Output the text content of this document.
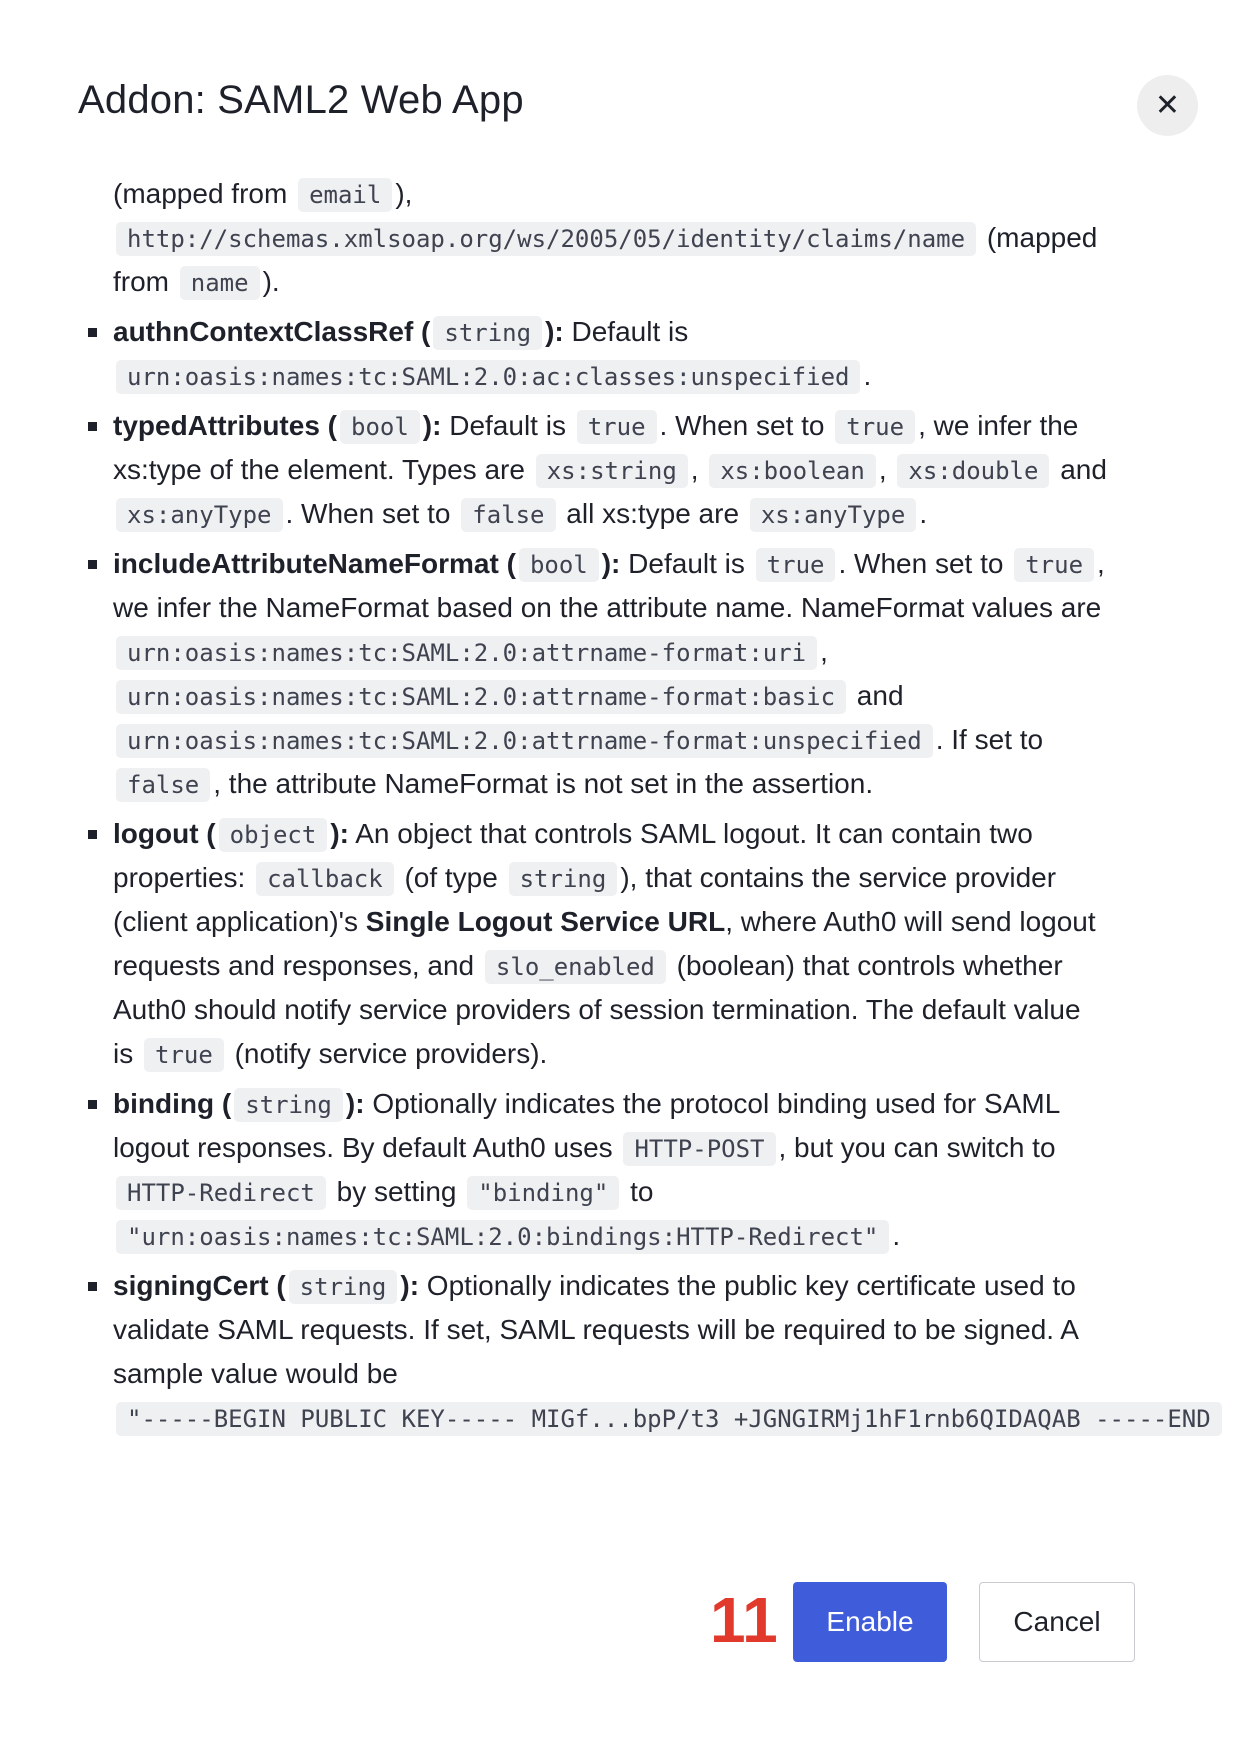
Addon: SAML2 Web App	✕
(mapped from email ),
http://schemas.xmlsoap.org/ws/2005/05/identity/claims/name (mapped
from name ).
authnContextClassRef ( string ): Default is
urn:oasis:names:tc:SAML:2.0:ac:classes:unspecified .
typedAttributes ( bool ): Default is true . When set to true , we infer the
xs:type of the element. Types are xs:string , xs:boolean , xs:double and
xs:anyType . When set to false all xs:type are xs:anyType .
includeAttributeNameFormat ( bool ): Default is true . When set to true ,
we infer the NameFormat based on the attribute name. NameFormat values are
urn:oasis:names:tc:SAML:2.0:attrname-format:uri ,
urn:oasis:names:tc:SAML:2.0:attrname-format:basic and
urn:oasis:names:tc:SAML:2.0:attrname-format:unspecified . If set to
false , the attribute NameFormat is not set in the assertion.
logout ( object ): An object that controls SAML logout. It can contain two
properties: callback (of type string ), that contains the service provider
(client application)'s Single Logout Service URL, where Auth0 will send logout
requests and responses, and slo_enabled (boolean) that controls whether
Auth0 should notify service providers of session termination. The default value
is true (notify service providers).
binding ( string ): Optionally indicates the protocol binding used for SAML
logout responses. By default Auth0 uses HTTP-POST , but you can switch to
HTTP-Redirect by setting "binding" to
"urn:oasis:names:tc:SAML:2.0:bindings:HTTP-Redirect" .
signingCert ( string ): Optionally indicates the public key certificate used to
validate SAML requests. If set, SAML requests will be required to be signed. A
sample value would be
"-----BEGIN PUBLIC KEY----- MIGf...bpP/t3 +JGNGIRMj1hF1rnb6QIDAQAB -----END
11	Enable	Cancel
